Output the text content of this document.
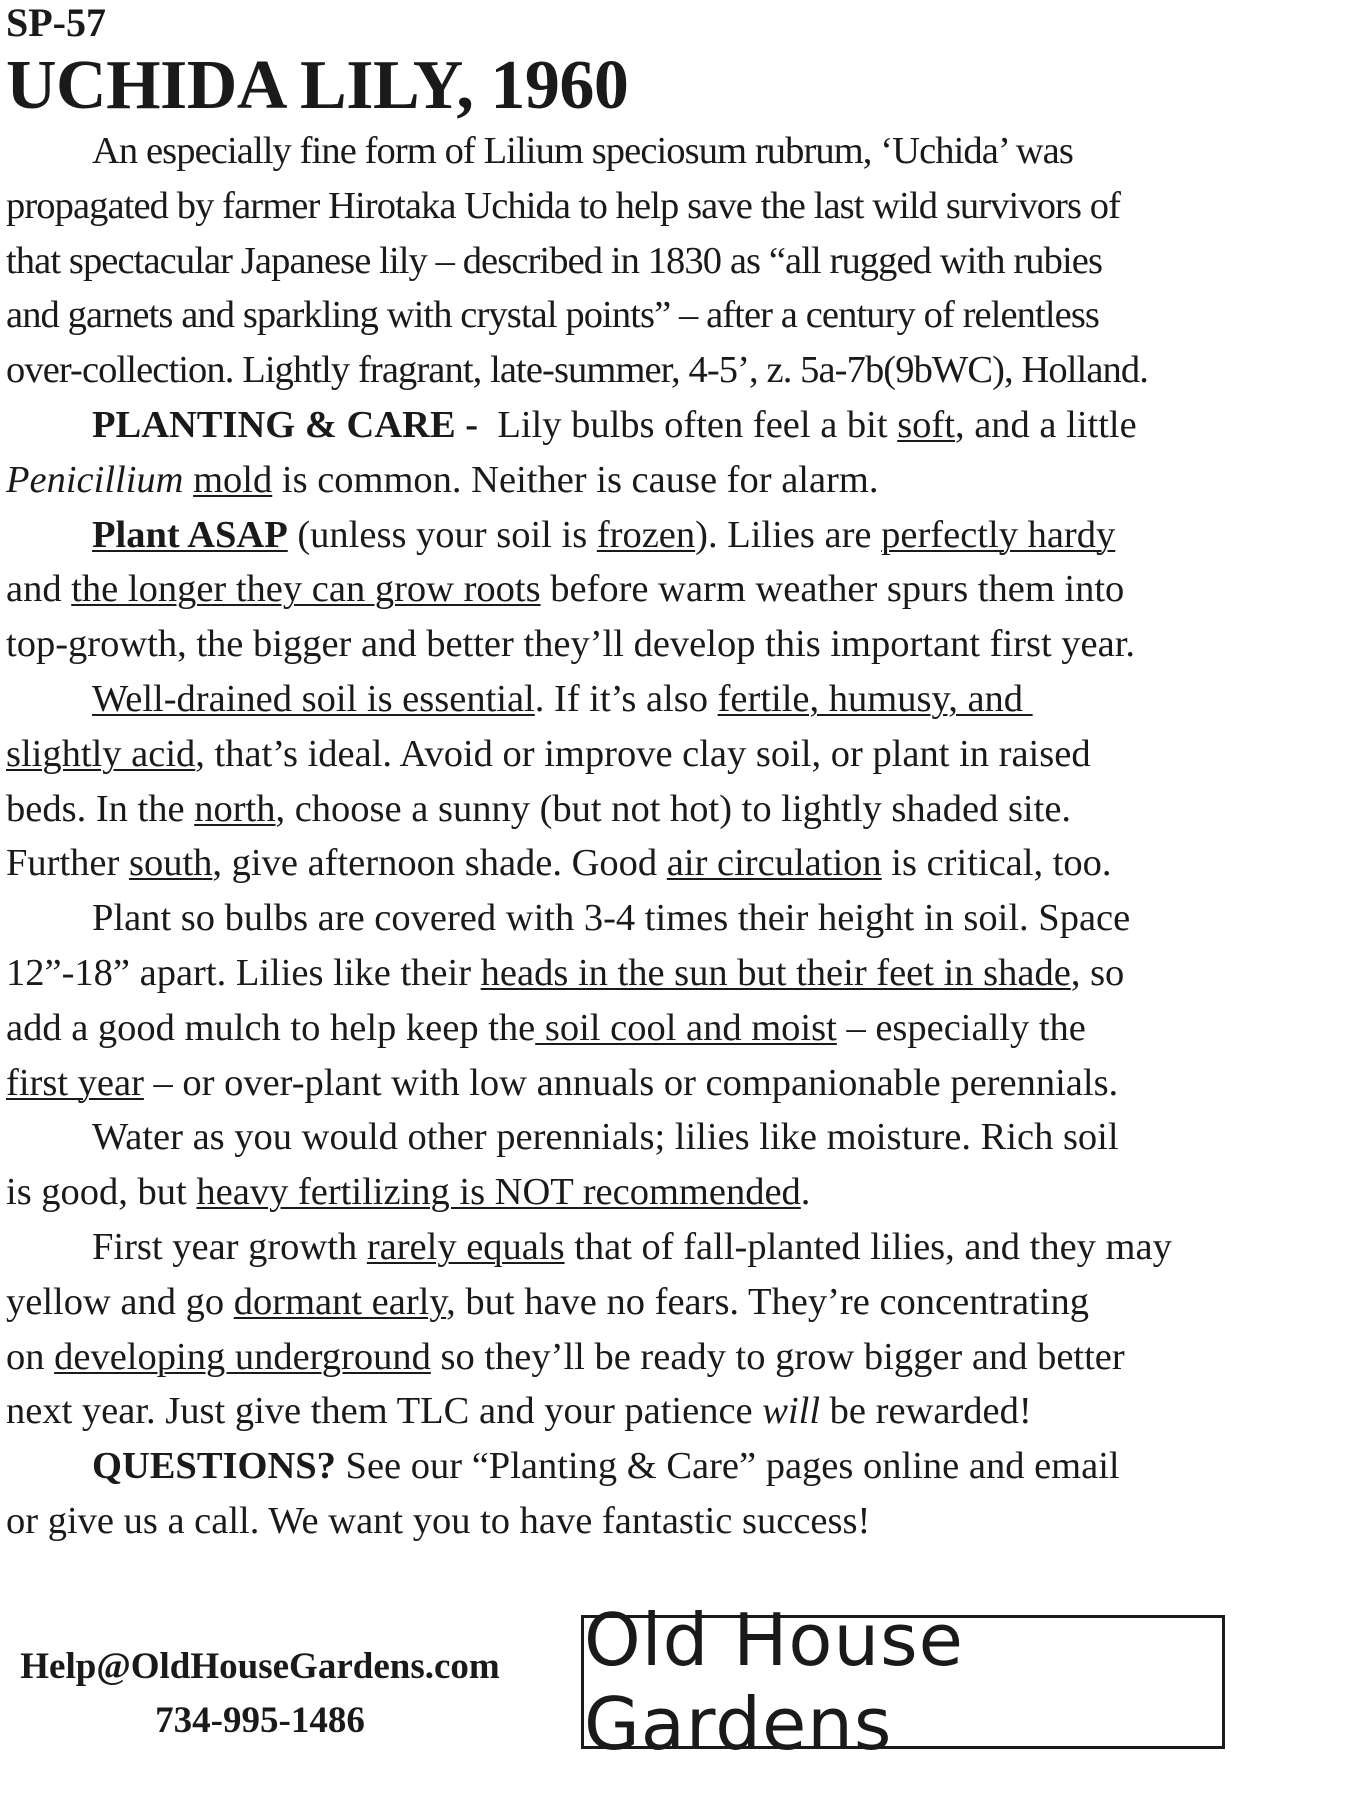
SP-57
UCHIDA LILY, 1960
An especially fine form of Lilium speciosum rubrum, ‘Uchida’ was
propagated by farmer Hirotaka Uchida to help save the last wild survivors of
that spectacular Japanese lily – described in 1830 as “all rugged with rubies
and garnets and sparkling with crystal points” – after a century of relentless
over-collection. Lightly fragrant, late-summer, 4-5’, z. 5a-7b(9bWC), Holland.
PLANTING & CARE -  Lily bulbs often feel a bit soft, and a little
Penicillium mold is common. Neither is cause for alarm.
Plant ASAP (unless your soil is frozen). Lilies are perfectly hardy
and the longer they can grow roots before warm weather spurs them into
top-growth, the bigger and better they’ll develop this important first year.
Well-drained soil is essential. If it’s also fertile, humusy, and
slightly acid, that’s ideal. Avoid or improve clay soil, or plant in raised
beds. In the north, choose a sunny (but not hot) to lightly shaded site.
Further south, give afternoon shade. Good air circulation is critical, too.
Plant so bulbs are covered with 3-4 times their height in soil. Space
12”-18” apart. Lilies like their heads in the sun but their feet in shade, so
add a good mulch to help keep the soil cool and moist – especially the
first year – or over-plant with low annuals or companionable perennials.
Water as you would other perennials; lilies like moisture. Rich soil
is good, but heavy fertilizing is NOT recommended.
First year growth rarely equals that of fall-planted lilies, and they may
yellow and go dormant early, but have no fears. They’re concentrating
on developing underground so they’ll be ready to grow bigger and better
next year. Just give them TLC and your patience will be rewarded!
QUESTIONS? See our “Planting & Care” pages online and email
or give us a call. We want you to have fantastic success!
Help@OldHouseGardens.com
734-995-1486
Old House Gardens
